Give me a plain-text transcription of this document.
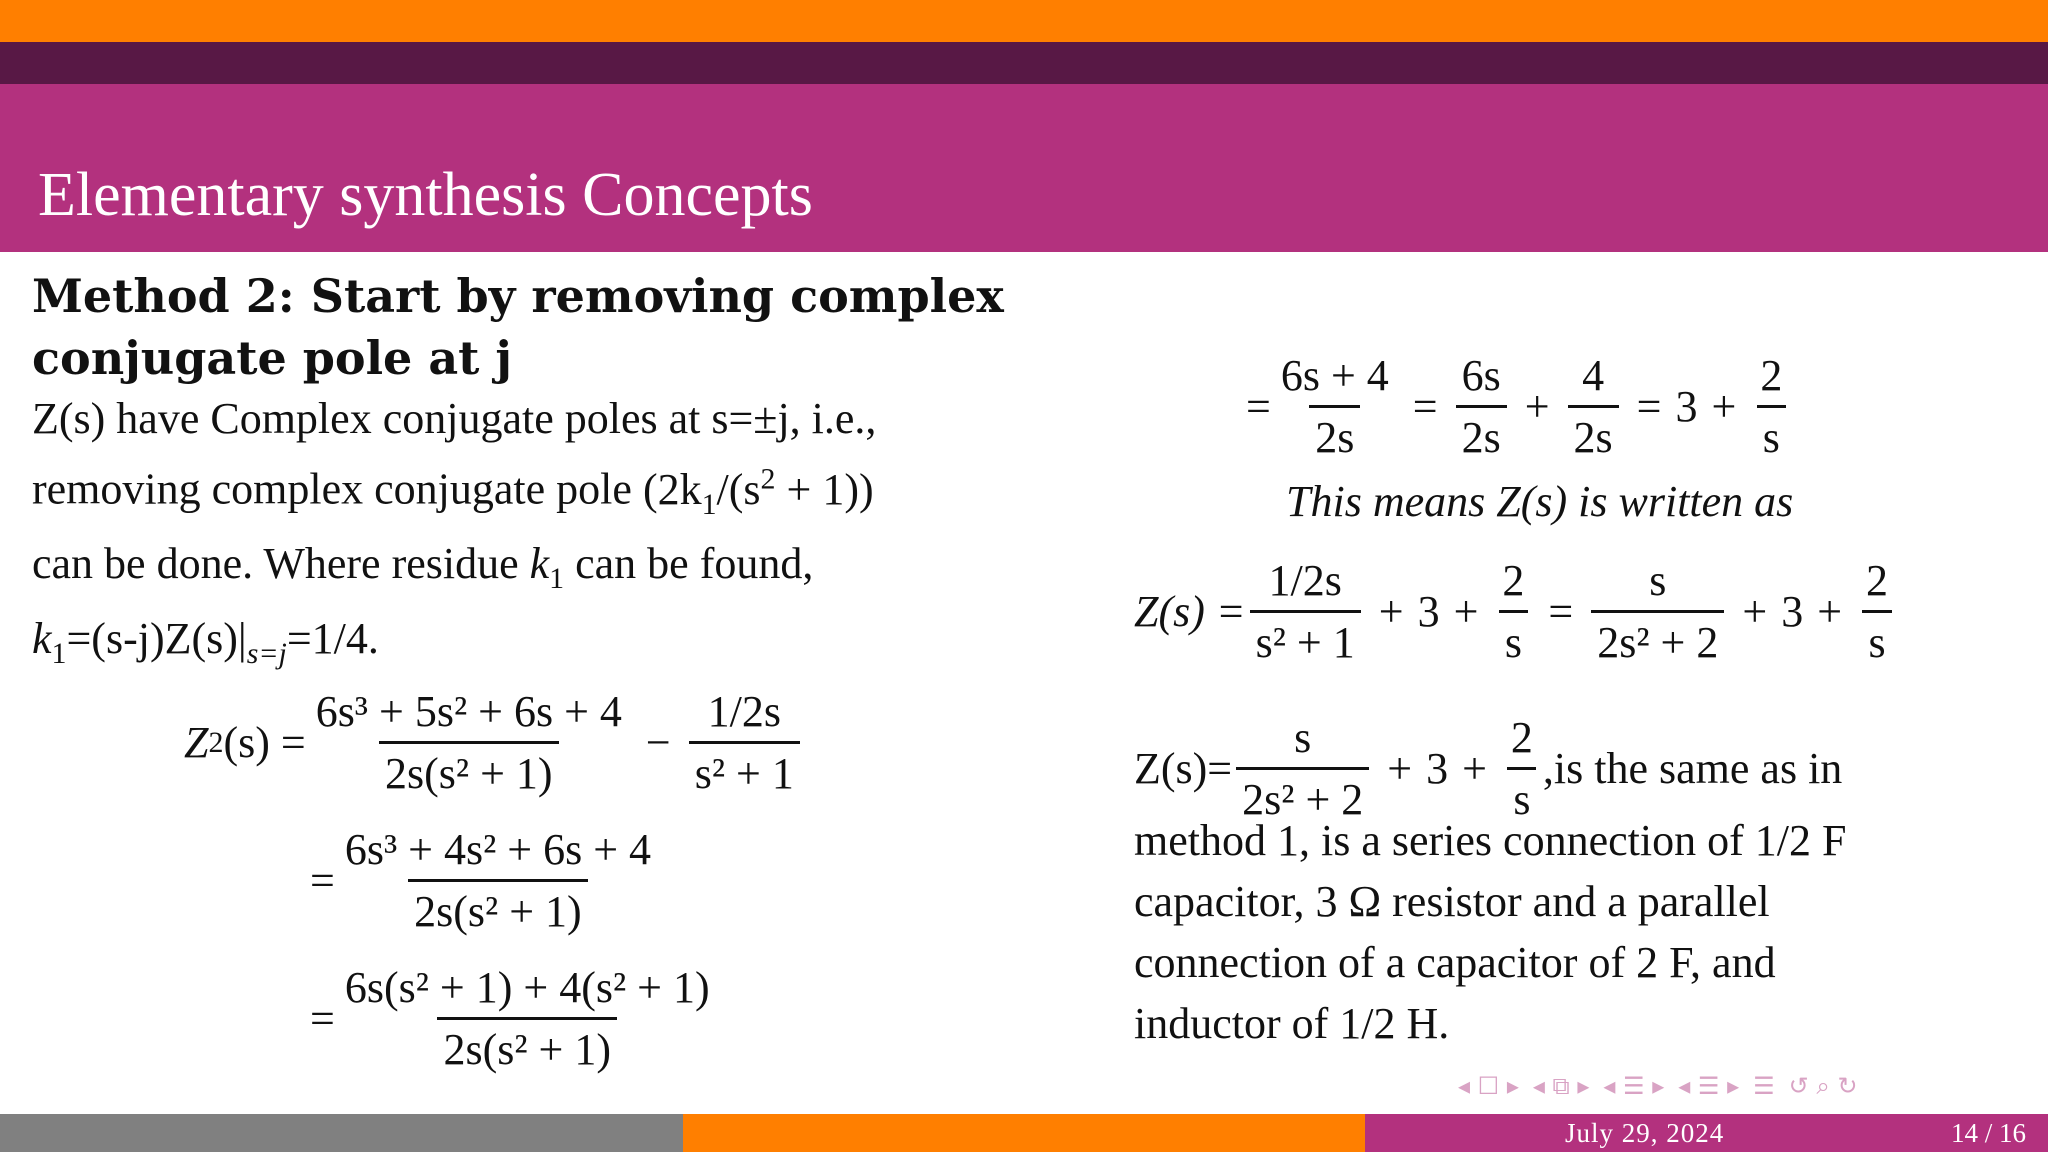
Elementary synthesis Concepts
Method 2: Start by removing complex
conjugate pole at j
Z(s) have Complex conjugate poles at s=±j, i.e.,
removing complex conjugate pole $(2k_1/(s^2 + 1))$
can be done. Where residue $k_1$ can be found,
$k_1=(s-j)Z(s)|_{s=j}=1/4$.
Z 2 $(s) = \frac{\text{6s³ + 5s² + 6s + 4}}{\text{2s(s² + 1)}} - \frac{1/2s}{\text{s² + 1}}$
= $\frac{\text{6s³ + 4s² + 6s + 4}}{\text{2s(s² + 1)}}$
= $\frac{\text{6s(s² + 1) + 4(s² + 1)}}{\text{2s(s² + 1)}}$
= $\frac{6s + 4}{2s} = \frac{6s}{2s} + \frac{4}{2s} = 3 + \frac{2}{s}$
This means Z(s) is written as
$Z(s) = \frac{1/2s}{\text{s² + 1}} + 3 + \frac{2}{s} = \frac{s}{\text{2s² + 2}} + 3 + \frac{2}{s}$
$Z(s)= \frac{s}{\text{2s² + 2}} + 3 + \frac{2}{s} ,is$ the same as in
method 1, is a series connection of 1/2 F
capacitor, 3 Ω resistor and a parallel
connection of a capacitor of 2 F, and
inductor of 1/2 H.
◂ ☐ ▸ ◂ ⧉ ▸ ◂ ☰ ▸ ◂ ☰ ▸ ☰ ↺ ⌕ ↻
July 29, 2024	14 / 16
